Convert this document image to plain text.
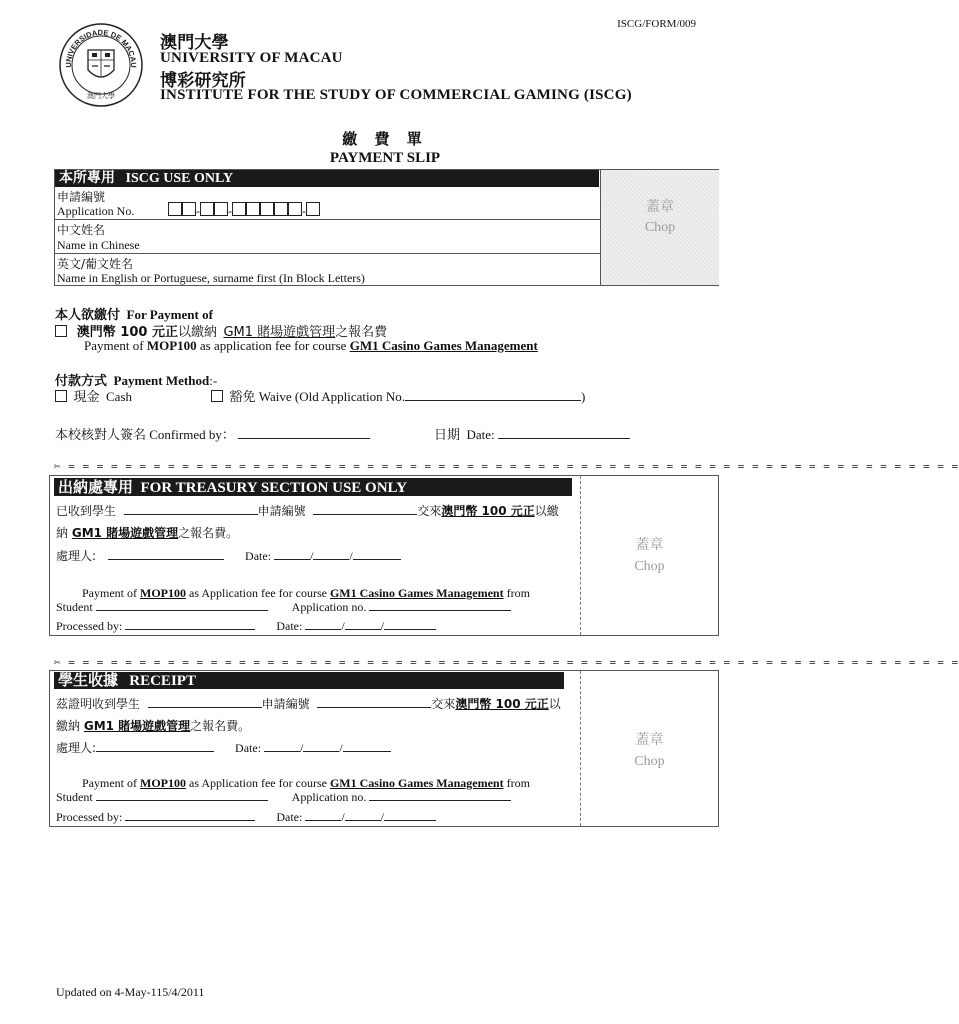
ISCG/FORM/009
UNIVERSIDADE DE MACAU
澳門大學
澳門大學
UNIVERSITY OF MACAU
博彩研究所
INSTITUTE FOR THE STUDY OF COMMERCIAL GAMING (ISCG)
繳 費 單
PAYMENT SLIP
本所專用 ISCG USE ONLY
蓋章
Chop
申請編號
Application No.	- -	-
中文姓名
Name in Chinese
英文/葡文姓名
Name in English or Portuguese, surname first (In Block Letters)
本人欲繳付 For Payment of
澳門幣 100 元正以繳納 GM1 賭場遊戲管理之報名費
Payment of MOP100 as application fee for course GM1 Casino Games Management
付款方式 Payment Method:-
現金 Cash	豁免 Waive (Old Application No.	)
本校核對人簽名 Confirmed by：	日期 Date:
✂ = = = = = = = = = = = = = = = = = = = = = = = = = = = = = = = = = = = = = = = = = = = = = = = = = = = = = = = = = = = = = = =
出納處專用 FOR TREASURY SECTION USE ONLY
蓋章
Chop
已收到學生	申請編號	交來澳門幣 100 元正以繳
納 GM1 賭場遊戲管理之報名費。
處理人:	Date:	/	/
Payment of MOP100 as Application fee for course GM1 Casino Games Management from
Student	Application no.
Processed by:	Date:	/	/
✂ = = = = = = = = = = = = = = = = = = = = = = = = = = = = = = = = = = = = = = = = = = = = = = = = = = = = = = = = = = = = = = =
學生收據 RECEIPT
蓋章
Chop
茲證明收到學生	申請編號	交來澳門幣 100 元正以
繳納 GM1 賭場遊戲管理之報名費。
處理人:	Date:	/	/
Payment of MOP100 as Application fee for course GM1 Casino Games Management from
Student	Application no.
Processed by:	Date:	/	/
Updated on 4-May-115/4/2011
